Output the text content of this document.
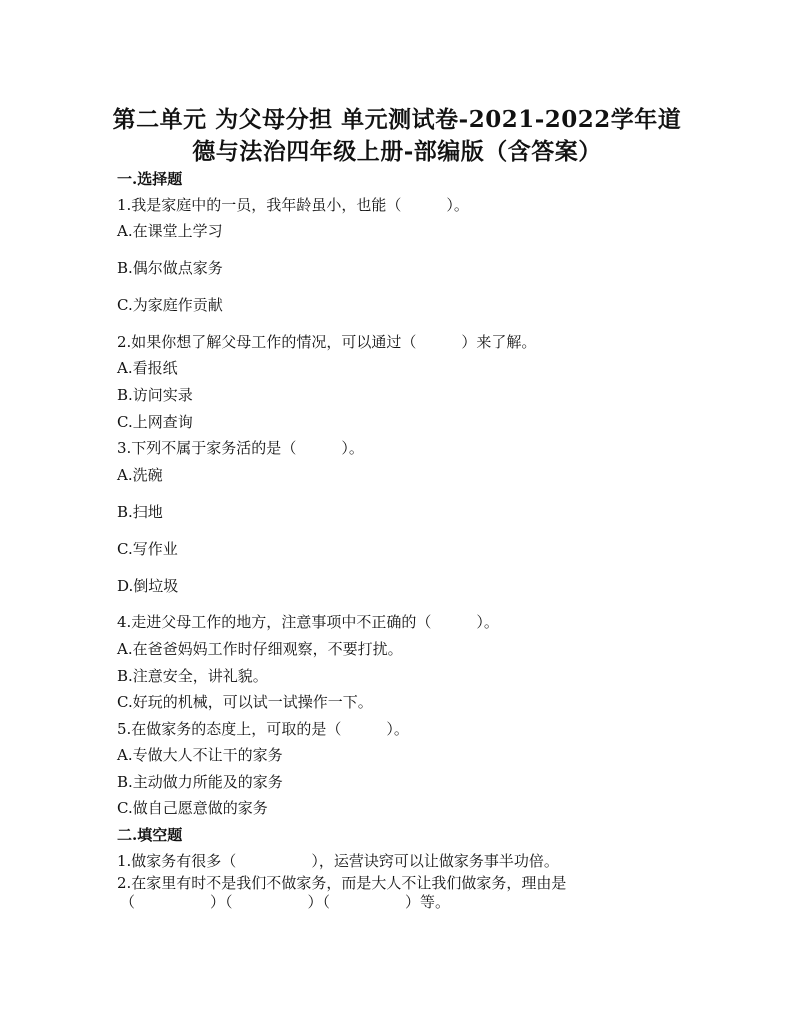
第二单元 为父母分担 单元测试卷-2021-2022学年道
德与法治四年级上册-部编版（含答案）
一.选择题
1.我是家庭中的一员，我年龄虽小，也能（　　　）。
A.在课堂上学习
B.偶尔做点家务
C.为家庭作贡献
2.如果你想了解父母工作的情况，可以通过（　　　）来了解。
A.看报纸
B.访问实录
C.上网查询
3.下列不属于家务活的是（　　　）。
A.洗碗
B.扫地
C.写作业
D.倒垃圾
4.走进父母工作的地方，注意事项中不正确的（　　　）。
A.在爸爸妈妈工作时仔细观察，不要打扰。
B.注意安全，讲礼貌。
C.好玩的机械，可以试一试操作一下。
5.在做家务的态度上，可取的是（　　　）。
A.专做大人不让干的家务
B.主动做力所能及的家务
C.做自己愿意做的家务
二.填空题
1.做家务有很多（　　　　　），运营诀窍可以让做家务事半功倍。
2.在家里有时不是我们不做家务，而是大人不让我们做家务，理由是
（　　　　　）（　　　　　）（　　　　　）等。
